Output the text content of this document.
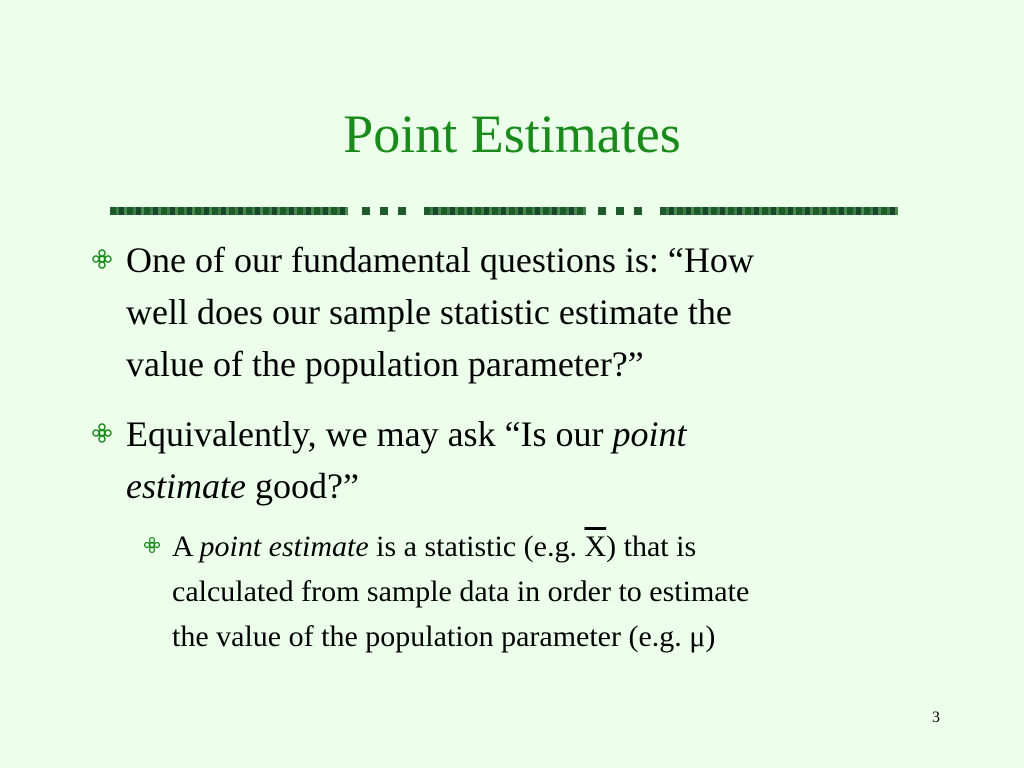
Point Estimates
One of our fundamental questions is: “How
well does our sample statistic estimate the
value of the population parameter?”
Equivalently, we may ask “Is our point
estimate good?”
A point estimate is a statistic (e.g. $\overline{X}$) that is
calculated from sample data in order to estimate
the value of the population parameter (e.g. μ)
3
